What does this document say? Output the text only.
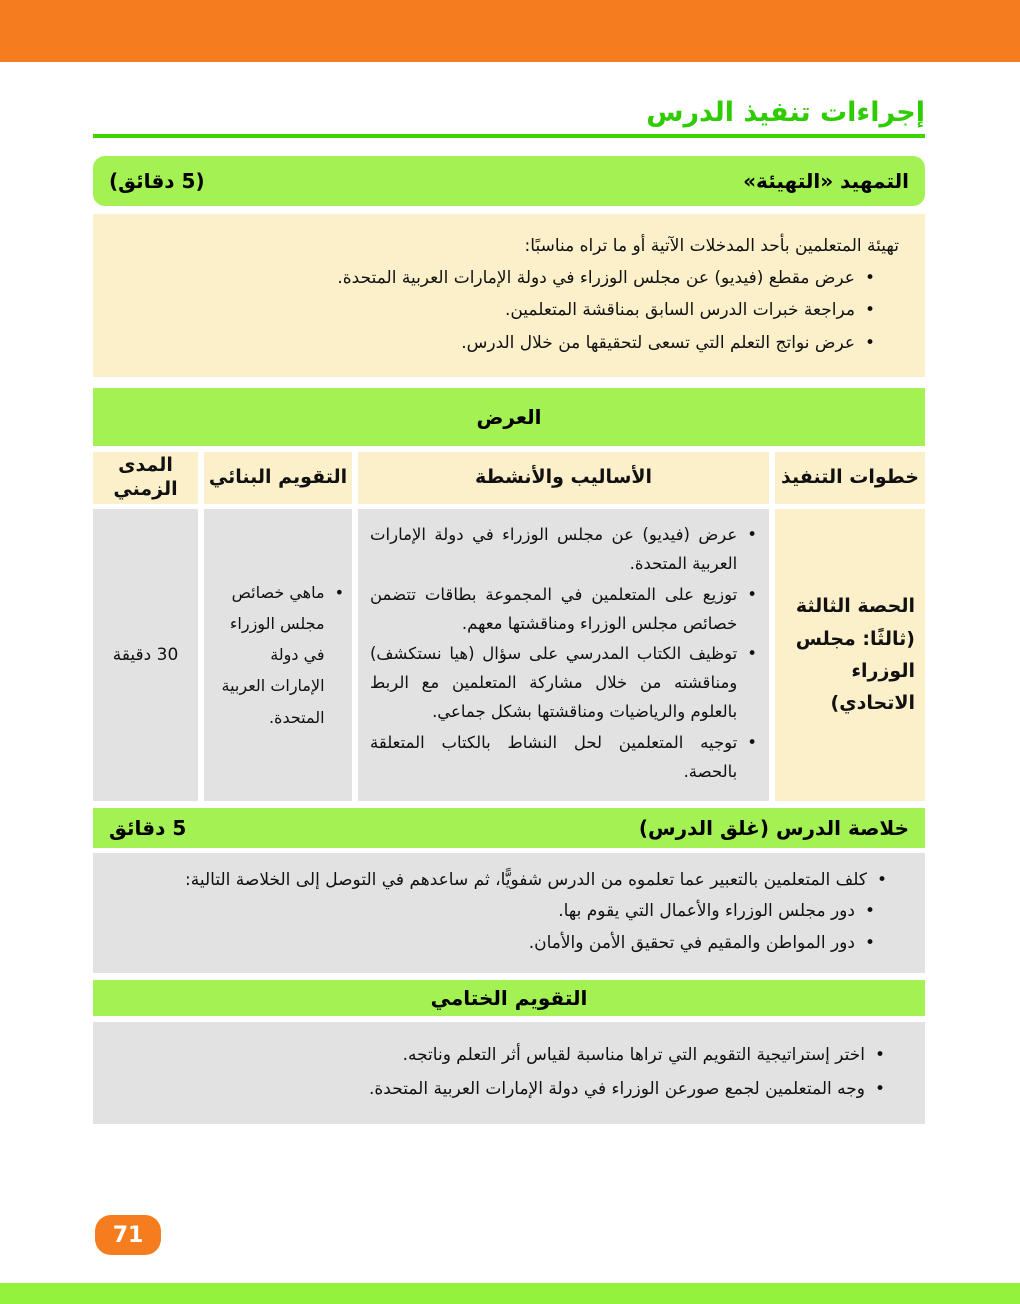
إجراءات تنفيذ الدرس
التمهيد «التهيئة»
(5 دقائق)
تهيئة المتعلمين بأحد المدخلات الآتية أو ما تراه مناسبًا:
•
عرض مقطع (فيديو) عن مجلس الوزراء في دولة الإمارات العربية المتحدة.
•
مراجعة خبرات الدرس السابق بمناقشة المتعلمين.
•
عرض نواتج التعلم التي تسعى لتحقيقها من خلال الدرس.
العرض
خطوات التنفيذ
الأساليب والأنشطة
التقويم البنائي
المدى الزمني
الحصة الثالثة (ثالثًا: مجلس الوزراء الاتحادي)
•
عرض (فيديو) عن مجلس الوزراء في دولة الإمارات العربية المتحدة.
•
توزيع على المتعلمين في المجموعة بطاقات تتضمن خصائص مجلس الوزراء ومناقشتها معهم.
•
توظيف الكتاب المدرسي على سؤال (هيا نستكشف) ومناقشته من خلال مشاركة المتعلمين مع الربط بالعلوم والرياضيات ومناقشتها بشكل جماعي.
•
توجيه المتعلمين لحل النشاط بالكتاب المتعلقة بالحصة.
•
ماهي خصائص مجلس الوزراء في دولة الإمارات العربية المتحدة.
30 دقيقة
خلاصة الدرس (غلق الدرس)
5 دقائق
•
كلف المتعلمين بالتعبير عما تعلموه من الدرس شفويًّا، ثم ساعدهم في التوصل إلى الخلاصة التالية:
•
دور مجلس الوزراء والأعمال التي يقوم بها.
•
دور المواطن والمقيم في تحقيق الأمن والأمان.
التقويم الختامي
•
اختر إستراتيجية التقويم التي تراها مناسبة لقياس أثر التعلم وناتجه.
•
وجه المتعلمين لجمع صورعن الوزراء في دولة الإمارات العربية المتحدة.
71
